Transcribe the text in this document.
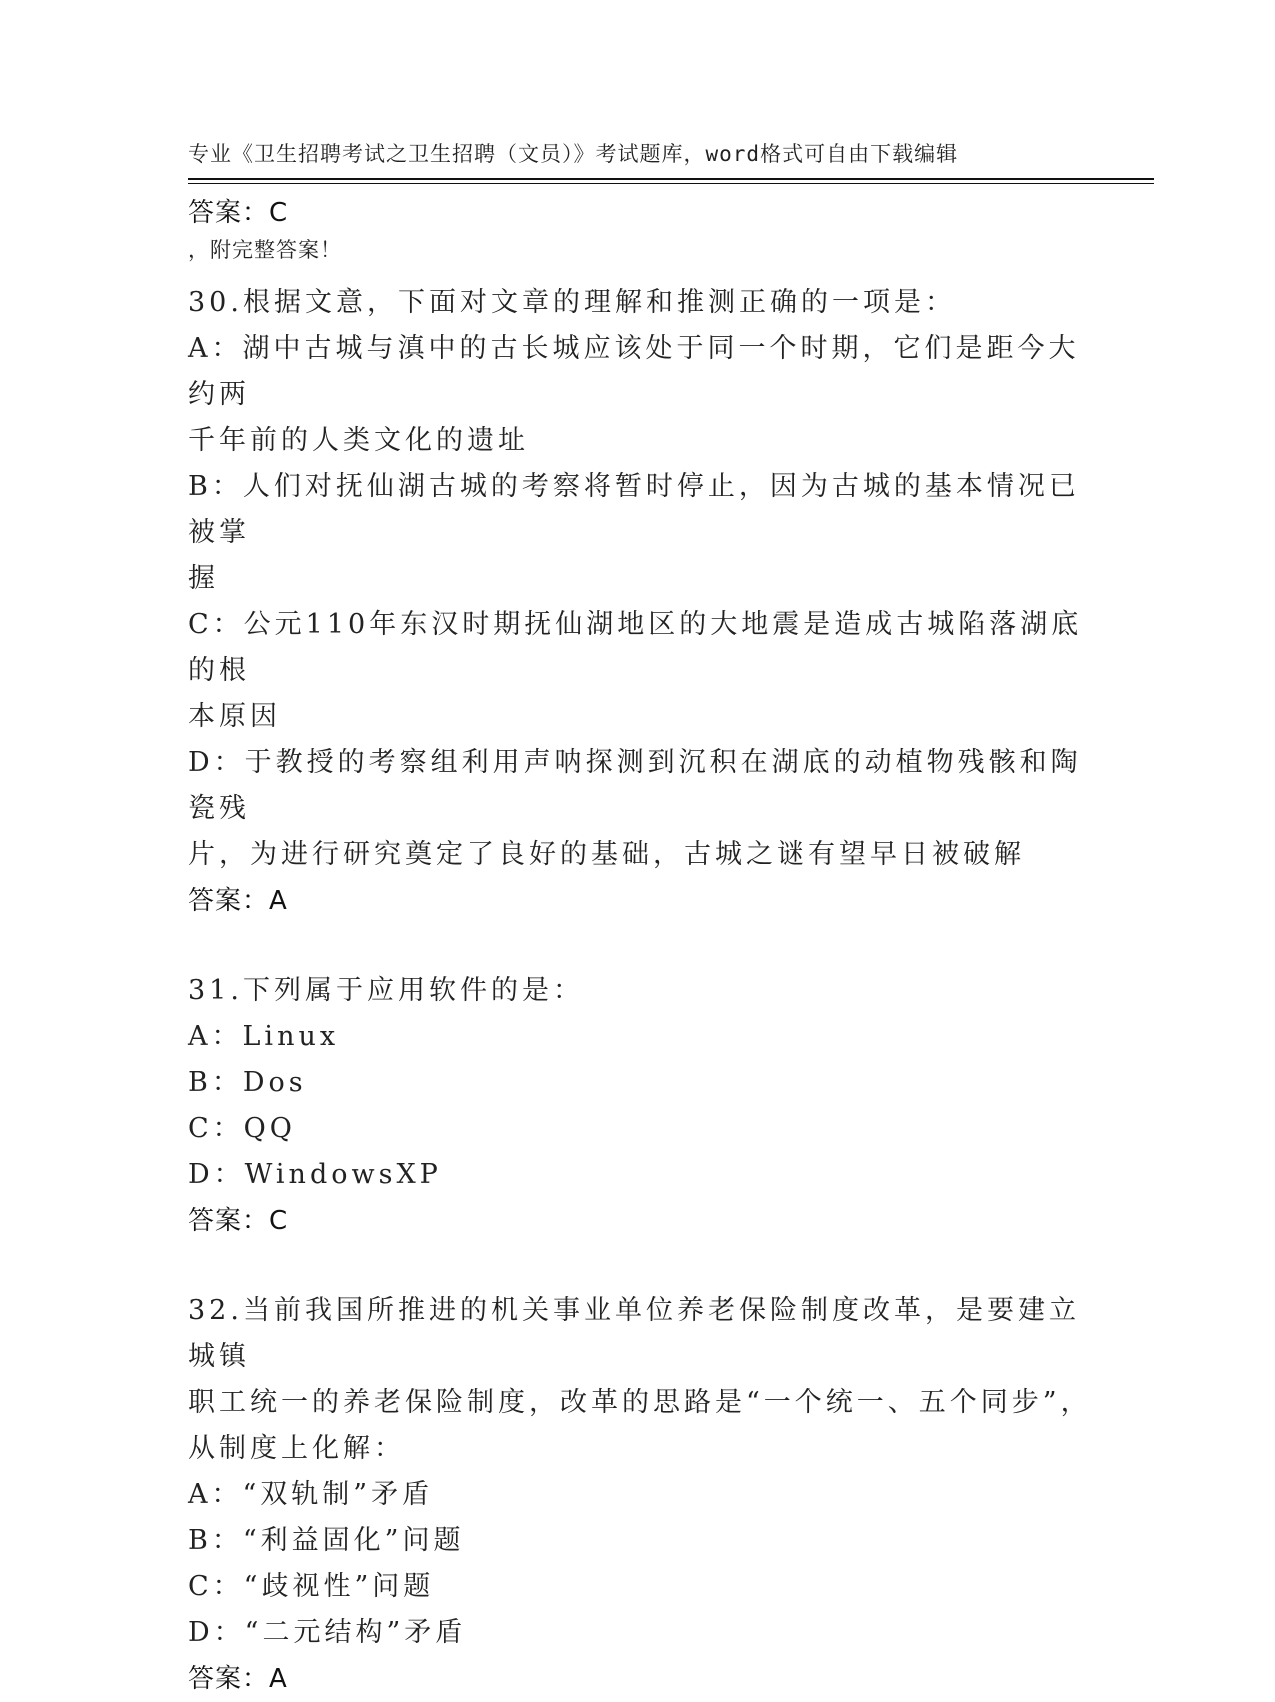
专业《卫生招聘考试之卫生招聘（文员）》考试题库，word格式可自由下载编辑

，附完整答案！

答案：C
30.根据文意，下面对文章的理解和推测正确的一项是：
A：湖中古城与滇中的古长城应该处于同一个时期，它们是距今大约两
千年前的人类文化的遗址
B：人们对抚仙湖古城的考察将暂时停止，因为古城的基本情况已被掌
握
C：公元110年东汉时期抚仙湖地区的大地震是造成古城陷落湖底的根
本原因
D：于教授的考察组利用声呐探测到沉积在湖底的动植物残骸和陶瓷残
片，为进行研究奠定了良好的基础，古城之谜有望早日被破解
答案：A
31.下列属于应用软件的是：
A：Linux
B：Dos
C：QQ
D：WindowsXP
答案：C
32.当前我国所推进的机关事业单位养老保险制度改革，是要建立城镇
职工统一的养老保险制度，改革的思路是“一个统一、五个同步”，
从制度上化解：
A：“双轨制”矛盾
B：“利益固化”问题
C：“歧视性”问题
D：“二元结构”矛盾
答案：A
